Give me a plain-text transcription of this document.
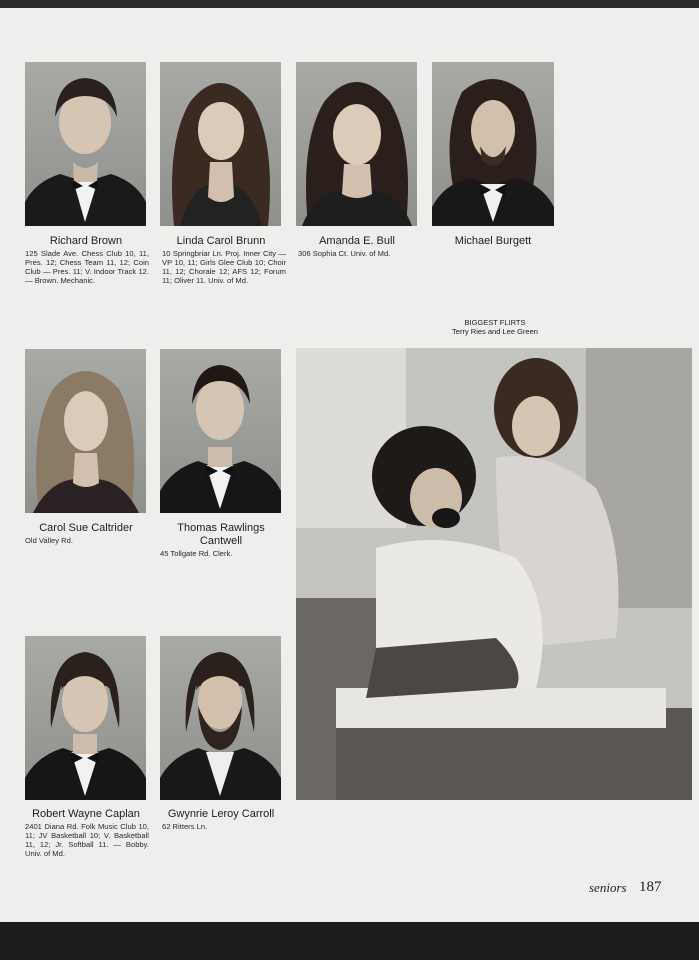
Richard Brown
125 Slade Ave. Chess Club 10, 11, Pres. 12; Chess Team 11, 12; Coin Club — Pres. 11; V. Indoor Track 12. — Brown. Mechanic.
Linda Carol Brunn
10 Springbriar Ln. Proj. Inner City — VP 10, 11; Girls Glee Club 10; Choir 11, 12; Chorale 12; AFS 12; Forum 11; Oliver 11. Univ. of Md.
Amanda E. Bull
306 Sophia Ct. Univ. of Md.
Michael Burgett
BIGGEST FLIRTS
Terry Ries and Lee Green
Carol Sue Caltrider
Old Valley Rd.
Thomas Rawlings Cantwell
45 Tollgate Rd. Clerk.
Robert Wayne Caplan
2401 Diana Rd. Folk Music Club 10, 11; JV Basketball 10; V. Basketball 11, 12; Jr. Softball 11. — Bobby. Univ. of Md.
Gwynrie Leroy Carroll
62 Ritters Ln.
seniors 187
